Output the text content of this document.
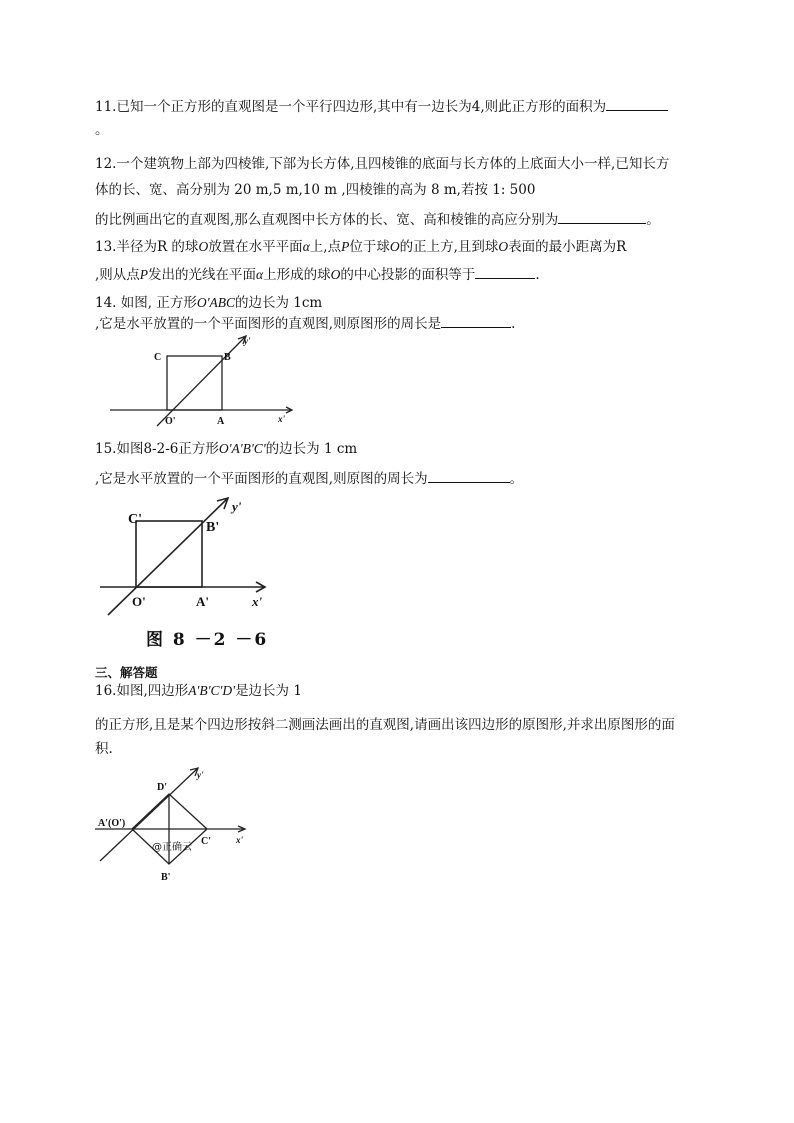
11.已知一个正方形的直观图是一个平行四边形,其中有一边长为4,则此正方形的面积为
。
12.一个建筑物上部为四棱锥,下部为长方体,且四棱锥的底面与长方体的上底面大小一样,已知长方
体的长、宽、高分别为 20 m,5 m,10 m ,四棱锥的高为 8 m,若按 1: 500
的比例画出它的直观图,那么直观图中长方体的长、宽、高和棱锥的高应分别为	。
13.半径为R 的球O放置在水平平面α上,点P位于球O的正上方,且到球O表面的最小距离为R
,则从点P发出的光线在平面α上形成的球O的中心投影的面积等于	.
14. 如图, 正方形O'ABC的边长为 1cm
,它是水平放置的一个平面图形的直观图,则原图形的周长是	.
C	B
O'	A	x'
y'
15.如图8-2-6正方形O'A'B'C'的边长为 1 cm
,它是水平放置的一个平面图形的直观图,则原图的周长为	。
C'
B'
O'	A'	x'
y'
图 8 －2 －6
三、解答题
16.如图,四边形A'B'C'D'是边长为 1
的正方形,且是某个四边形按斜二测画法画出的直观图,请画出该四边形的原图形,并求出原图形的面
积.
D'
y'
A'(O')
C'	x'
B'
@正确云
